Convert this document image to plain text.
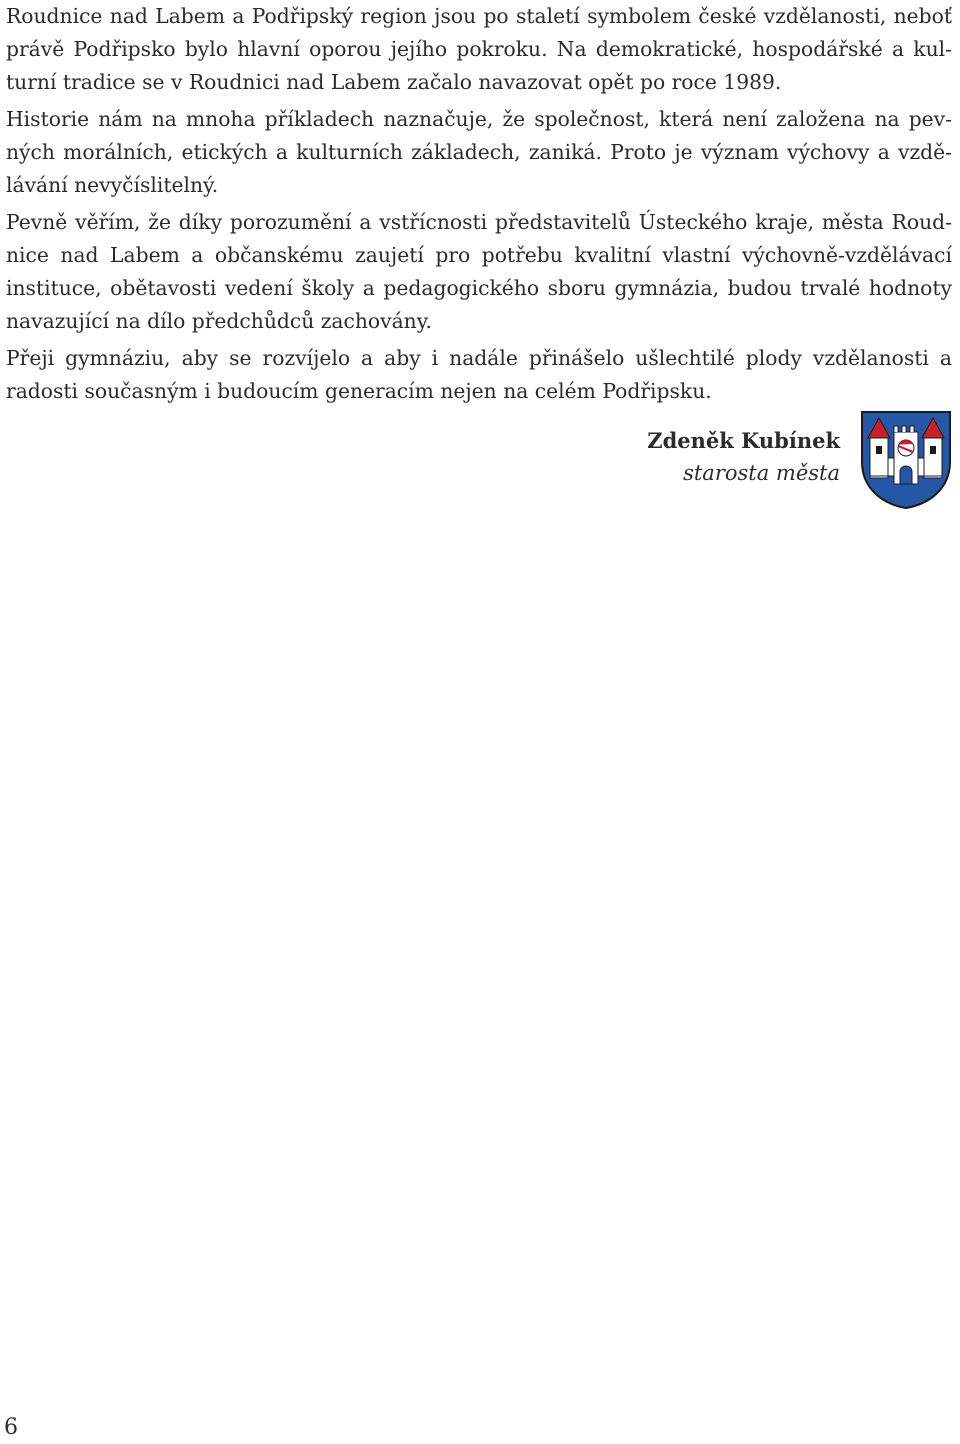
Roudnice nad Labem a Podřipský region jsou po staletí symbolem české vzdělanosti, neboť právě Podřipsko bylo hlavní oporou jejího pokroku. Na demokratické, hospodářské a kulturní tradice se v Roudnici nad Labem začalo navazovat opět po roce 1989.

Historie nám na mnoha příkladech naznačuje, že společnost, která není založena na pevných morálních, etických a kulturních základech, zaniká. Proto je význam výchovy a vzdělávání nevyčíslitelný.

Pevně věřím, že díky porozumění a vstřícnosti představitelů Ústeckého kraje, města Roudnice nad Labem a občanskému zaujetí pro potřebu kvalitní vlastní výchovně-vzdělávací instituce, obětavosti vedení školy a pedagogického sboru gymnázia, budou trvalé hodnoty navazující na dílo předchůdců zachovány.

Přeji gymnáziu, aby se rozvíjelo a aby i nadále přinášelo ušlechtilé plody vzdělanosti a radosti současným i budoucím generacím nejen na celém Podřipsku.

Zdeněk Kubínek
starosta města
6
